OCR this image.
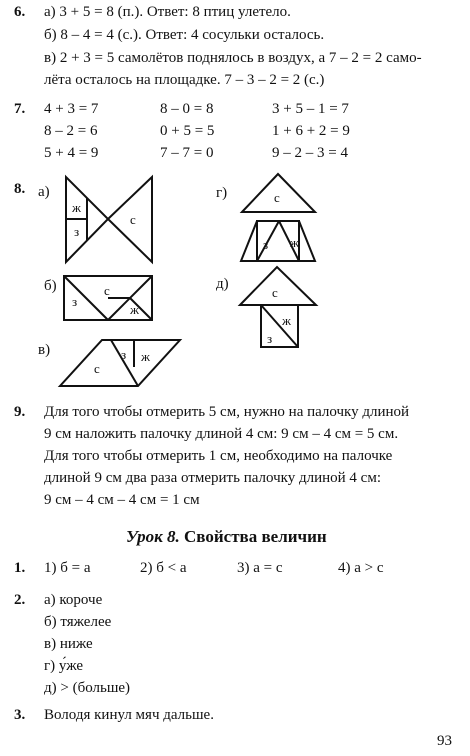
6. а) 3 + 5 = 8 (п.). Ответ: 8 птиц улетело.
б) 8 – 4 = 4 (с.). Ответ: 4 сосульки осталось.
в) 2 + 3 = 5 самолётов поднялось в воздух, а 7 – 2 = 2 само-
лёта осталось на площадке. 7 – 3 – 2 = 2 (с.)
7. 4 + 3 = 7	8 – 0 = 8	3 + 5 – 1 = 7
8 – 2 = 6	0 + 5 = 5	1 + 6 + 2 = 9
5 + 4 = 9	7 – 7 = 0	9 – 2 – 3 = 4
8. а)
б)
в)
г)
д)
ж
з
с
с
з
ж
с
з ж
с
з ж
с
ж
з
9. Для того чтобы отмерить 5 см, нужно на палочку длиной
9 см наложить палочку длиной 4 см: 9 см – 4 см = 5 см.
Для того чтобы отмерить 1 см, необходимо на палочке
длиной 9 см два раза отмерить палочку длиной 4 см:
9 см – 4 см – 4 см = 1 см
Урок 8. Свойства величин
1. 1) б = а	2) б < а	3) а = с	4) а > с
2. а) короче
б) тяжелее
в) ниже
г) у́же
д) > (больше)
3. Володя кинул мяч дальше.
93
